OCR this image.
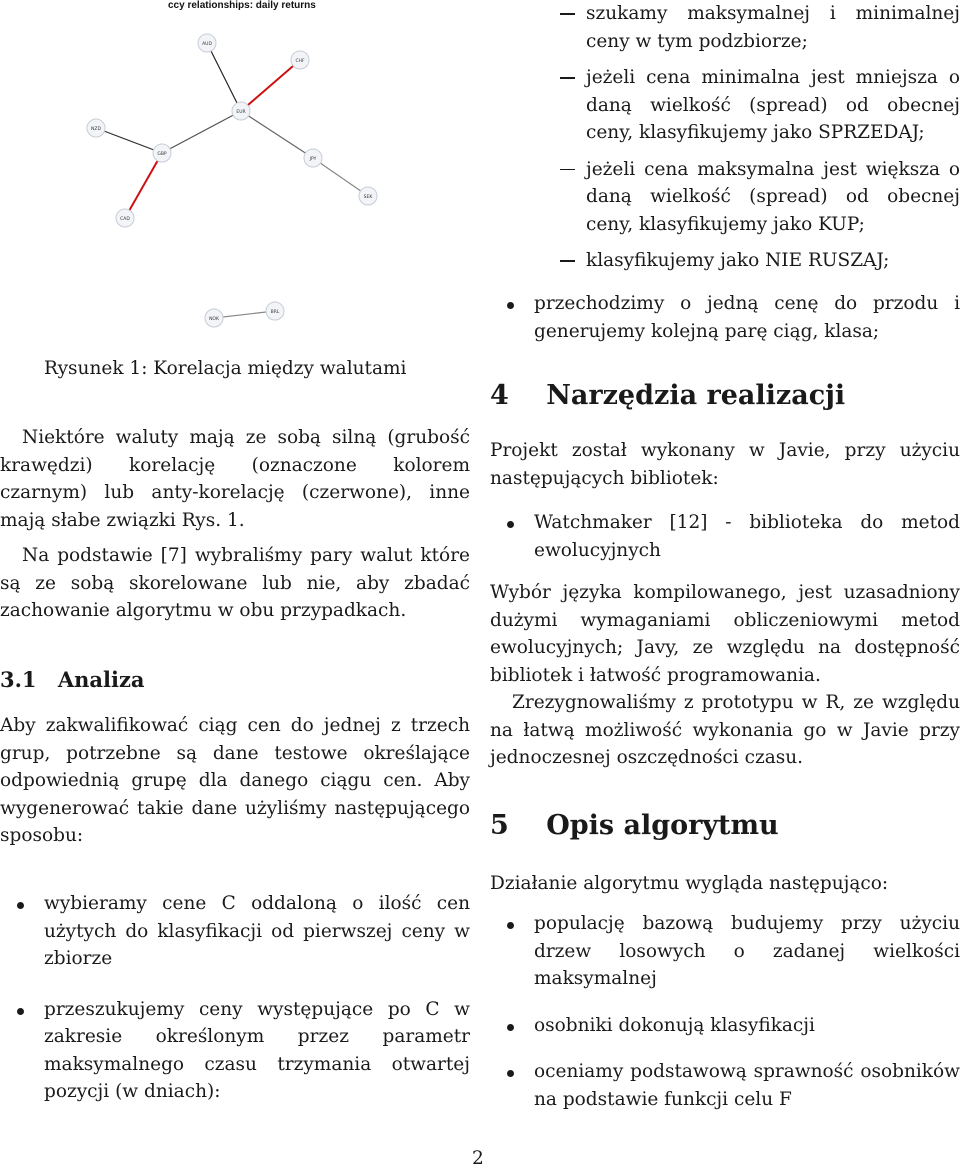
ccy relationships: daily returns
AUD
CHF
NZD
EUR
GBP
CAD
JPY
SEK
NOK
BRL
Rysunek 1: Korelacja między walutami

Niektóre waluty mają ze sobą silną (grubość krawędzi) korelację (oznaczone kolorem czarnym) lub anty-korelację (czerwone), inne mają słabe związki Rys. 1.

Na podstawie [7] wybraliśmy pary walut które są ze sobą skorelowane lub nie, aby zbadać zachowanie algorytmu w obu przypadkach.

3.1 Analiza

Aby zakwalifikować ciąg cen do jednej z trzech grup, potrzebne są dane testowe określające odpowiednią grupę dla danego ciągu cen. Aby wygenerować takie dane użyliśmy następującego sposobu:

wybieramy cene C oddaloną o ilość cen użytych do klasyfikacji od pierwszej ceny w zbiorze
przeszukujemy ceny występujące po C w zakresie określonym przez parametr maksymalnego czasu trzymania otwartej pozycji (w dniach):
szukamy maksymalnej i minimalnej ceny w tym podzbiorze;
jeżeli cena minimalna jest mniejsza o daną wielkość (spread) od obecnej ceny, klasyfikujemy jako SPRZEDAJ;
jeżeli cena maksymalna jest większa o daną wielkość (spread) od obecnej ceny, klasyfikujemy jako KUP;
klasyfikujemy jako NIE RUSZAJ;
przechodzimy o jedną cenę do przodu i generujemy kolejną parę ciąg, klasa;
4 Narzędzia realizacji

Projekt został wykonany w Javie, przy użyciu następujących bibliotek:

Watchmaker [12] - biblioteka do metod ewolucyjnych

Wybór języka kompilowanego, jest uzasadniony dużymi wymaganiami obliczeniowymi metod ewolucyjnych; Javy, ze względu na dostępność bibliotek i łatwość programowania.

Zrezygnowaliśmy z prototypu w R, ze względu na łatwą możliwość wykonania go w Javie przy jednoczesnej oszczędności czasu.

5 Opis algorytmu

Działanie algorytmu wygląda następująco:

populację bazową budujemy przy użyciu drzew losowych o zadanej wielkości maksymalnej
osobniki dokonują klasyfikacji
oceniamy podstawową sprawność osobników na podstawie funkcji celu F
2
